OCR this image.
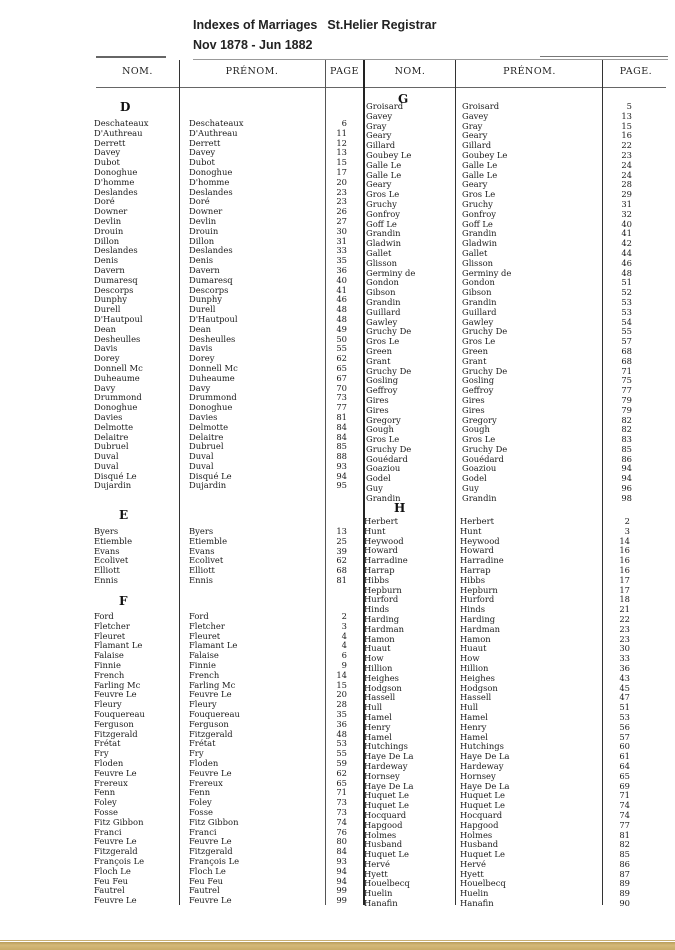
Indexes of Marriages St.Helier Registrar
Nov 1878 - Jun 1882
NOM.	PRÉNOM.	PAGE	NOM.	PRÉNOM.	PAGE.
D
E
F
G
H
Deschateaux	Deschateaux	6
D'Authreau	D'Authreau	11
Derrett	Derrett	12
Davey	Davey	13
Dubot	Dubot	15
Donoghue	Donoghue	17
D'homme	D'homme	20
Deslandes	Deslandes	23
Doré	Doré	23
Downer	Downer	26
Devlin	Devlin	27
Drouin	Drouin	30
Dillon	Dillon	31
Deslandes	Deslandes	33
Denis	Denis	35
Davern	Davern	36
Dumaresq	Dumaresq	40
Descorps	Descorps	41
Dunphy	Dunphy	46
Durell	Durell	48
D'Hautpoul	D'Hautpoul	48
Dean	Dean	49
Desheulles	Desheulles	50
Davis	Davis	55
Dorey	Dorey	62
Donnell Mc	Donnell Mc	65
Duheaume	Duheaume	67
Davy	Davy	70
Drummond	Drummond	73
Donoghue	Donoghue	77
Davies	Davies	81
Delmotte	Delmotte	84
Delaitre	Delaitre	84
Dubruel	Dubruel	85
Duval	Duval	88
Duval	Duval	93
Disqué Le	Disqué Le	94
Dujardin	Dujardin	95
Byers	Byers	13
Etiemble	Etiemble	25
Evans	Evans	39
Ecolivet	Ecolivet	62
Elliott	Elliott	68
Ennis	Ennis	81
Ford	Ford	2
Fletcher	Fletcher	3
Fleuret	Fleuret	4
Flamant Le	Flamant Le	4
Falaise	Falaise	6
Finnie	Finnie	9
French	French	14
Farling Mc	Farling Mc	15
Feuvre Le	Feuvre Le	20
Fleury	Fleury	28
Fouquereau	Fouquereau	35
Ferguson	Ferguson	36
Fitzgerald	Fitzgerald	48
Frétat	Frétat	53
Fry	Fry	55
Floden	Floden	59
Feuvre Le	Feuvre Le	62
Frereux	Frereux	65
Fenn	Fenn	71
Foley	Foley	73
Fosse	Fosse	73
Fitz Gibbon	Fitz Gibbon	74
Franci	Franci	76
Feuvre Le	Feuvre Le	80
Fitzgerald	Fitzgerald	84
François Le	François Le	93
Floch Le	Floch Le	94
Feu Feu	Feu Feu	94
Fautrel	Fautrel	99
Feuvre Le	Feuvre Le	99
Groisard	Groisard	5
Gavey	Gavey	13
Gray	Gray	15
Geary	Geary	16
Gillard	Gillard	22
Goubey Le	Goubey Le	23
Galle Le	Galle Le	24
Galle Le	Galle Le	24
Geary	Geary	28
Gros Le	Gros Le	29
Gruchy	Gruchy	31
Gonfroy	Gonfroy	32
Goff Le	Goff Le	40
Grandin	Grandin	41
Gladwin	Gladwin	42
Gallet	Gallet	44
Glisson	Glisson	46
Germiny de	Germiny de	48
Gondon	Gondon	51
Gibson	Gibson	52
Grandin	Grandin	53
Guillard	Guillard	53
Gawley	Gawley	54
Gruchy De	Gruchy De	55
Gros Le	Gros Le	57
Green	Green	68
Grant	Grant	68
Gruchy De	Gruchy De	71
Gosling	Gosling	75
Geffroy	Geffroy	77
Gires	Gires	79
Gires	Gires	79
Gregory	Gregory	82
Gough	Gough	82
Gros Le	Gros Le	83
Gruchy De	Gruchy De	85
Gouédard	Gouédard	86
Goaziou	Goaziou	94
Godel	Godel	94
Guy	Guy	96
Grandin	Grandin	98
Herbert	Herbert	2
Hunt	Hunt	3
Heywood	Heywood	14
Howard	Howard	16
Harradine	Harradine	16
Harrap	Harrap	16
Hibbs	Hibbs	17
Hepburn	Hepburn	17
Hurford	Hurford	18
Hinds	Hinds	21
Harding	Harding	22
Hardman	Hardman	23
Hamon	Hamon	23
Huaut	Huaut	30
How	How	33
Hillion	Hillion	36
Heighes	Heighes	43
Hodgson	Hodgson	45
Hassell	Hassell	47
Hull	Hull	51
Hamel	Hamel	53
Henry	Henry	56
Hamel	Hamel	57
Hutchings	Hutchings	60
Haye De La	Haye De La	61
Hardeway	Hardeway	64
Hornsey	Hornsey	65
Haye De La	Haye De La	69
Huquet Le	Huquet Le	71
Huquet Le	Huquet Le	74
Hocquard	Hocquard	74
Hapgood	Hapgood	77
Holmes	Holmes	81
Husband	Husband	82
Huquet Le	Huquet Le	85
Hervé	Hervé	86
Hyett	Hyett	87
Houelbecq	Houelbecq	89
Huelin	Huelin	89
Hanafin	Hanafin	90
